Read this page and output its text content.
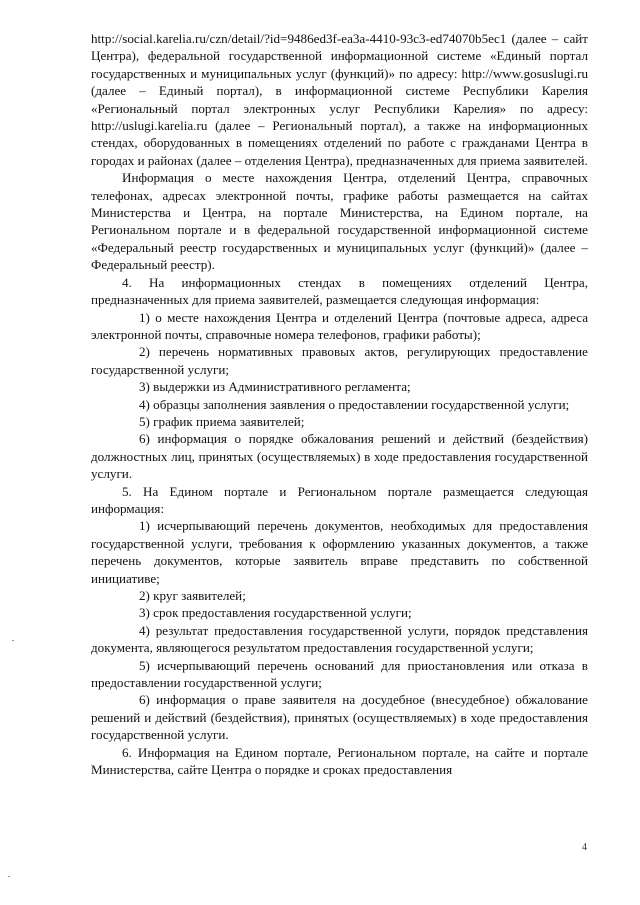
http://social.karelia.ru/czn/detail/?id=9486ed3f-ea3a-4410-93c3-ed74070b5ec1 (далее – сайт Центра), федеральной государственной информационной системе «Единый портал государственных и муниципальных услуг (функций)» по адресу: http://www.gosuslugi.ru (далее – Единый портал), в информационной системе Республики Карелия «Региональный портал электронных услуг Республики Карелия» по адресу: http://uslugi.karelia.ru (далее – Региональный портал), а также на информационных стендах, оборудованных в помещениях отделений по работе с гражданами Центра в городах и районах (далее – отделения Центра), предназначенных для приема заявителей.

Информация о месте нахождения Центра, отделений Центра, справочных телефонах, адресах электронной почты, графике работы размещается на сайтах Министерства и Центра, на портале Министерства, на Едином портале, на Региональном портале и в федеральной государственной информационной системе «Федеральный реестр государственных и муниципальных услуг (функций)» (далее – Федеральный реестр).

4. На информационных стендах в помещениях отделений Центра, предназначенных для приема заявителей, размещается следующая информация:

1) о месте нахождения Центра и отделений Центра (почтовые адреса, адреса электронной почты, справочные номера телефонов, графики работы);

2) перечень нормативных правовых актов, регулирующих предоставление государственной услуги;

3) выдержки из Административного регламента;

4) образцы заполнения заявления о предоставлении государственной услуги;

5) график приема заявителей;

6) информация о порядке обжалования решений и действий (бездействия) должностных лиц, принятых (осуществляемых) в ходе предоставления государственной услуги.

5. На Едином портале и Региональном портале размещается следующая информация:

1) исчерпывающий перечень документов, необходимых для предоставления государственной услуги, требования к оформлению указанных документов, а также перечень документов, которые заявитель вправе представить по собственной инициативе;

2) круг заявителей;

3) срок предоставления государственной услуги;

4) результат предоставления государственной услуги, порядок представления документа, являющегося результатом предоставления государственной услуги;

5) исчерпывающий перечень оснований для приостановления или отказа в предоставлении государственной услуги;

6) информация о праве заявителя на досудебное (внесудебное) обжалование решений и действий (бездействия), принятых (осуществляемых) в ходе предоставления государственной услуги.

6. Информация на Едином портале, Региональном портале, на сайте и портале Министерства, сайте Центра о порядке и сроках предоставления

4
